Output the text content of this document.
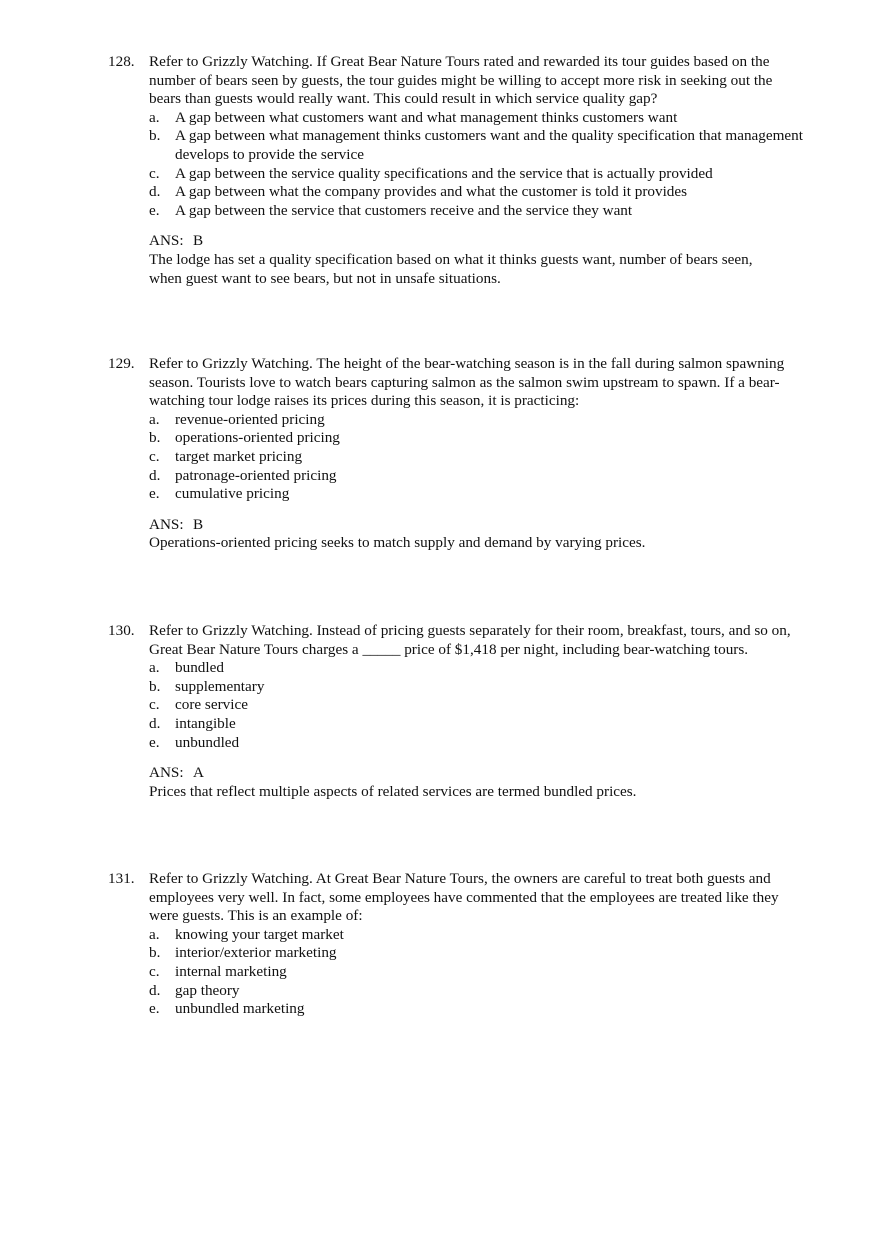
128. Refer to Grizzly Watching. If Great Bear Nature Tours rated and rewarded its tour guides based on the number of bears seen by guests, the tour guides might be willing to accept more risk in seeking out the bears than guests would really want. This could result in which service quality gap?
a.	A gap between what customers want and what management thinks customers want
b. A gap between what management thinks customers want and the quality specification that management develops to provide the service
c.	A gap between the service quality specifications and the service that is actually provided
d. A gap between what the company provides and what the customer is told it provides
e.	A gap between the service that customers receive and the service they want
ANS: B
The lodge has set a quality specification based on what it thinks guests want, number of bears seen, when guest want to see bears, but not in unsafe situations.
129. Refer to Grizzly Watching. The height of the bear-watching season is in the fall during salmon spawning season. Tourists love to watch bears capturing salmon as the salmon swim upstream to spawn. If a bear-watching tour lodge raises its prices during this season, it is practicing:
a.	revenue-oriented pricing
b. operations-oriented pricing
c.	target market pricing
d. patronage-oriented pricing
e.	cumulative pricing
ANS: B
Operations-oriented pricing seeks to match supply and demand by varying prices.
130. Refer to Grizzly Watching. Instead of pricing guests separately for their room, breakfast, tours, and so on, Great Bear Nature Tours charges a _____ price of $1,418 per night, including bear-watching tours.
a.	bundled
b. supplementary
c.	core service
d. intangible
e.	unbundled
ANS: A
Prices that reflect multiple aspects of related services are termed bundled prices.
131. Refer to Grizzly Watching. At Great Bear Nature Tours, the owners are careful to treat both guests and employees very well. In fact, some employees have commented that the employees are treated like they were guests. This is an example of:
a.	knowing your target market
b. interior/exterior marketing
c.	internal marketing
d. gap theory
e.	unbundled marketing
